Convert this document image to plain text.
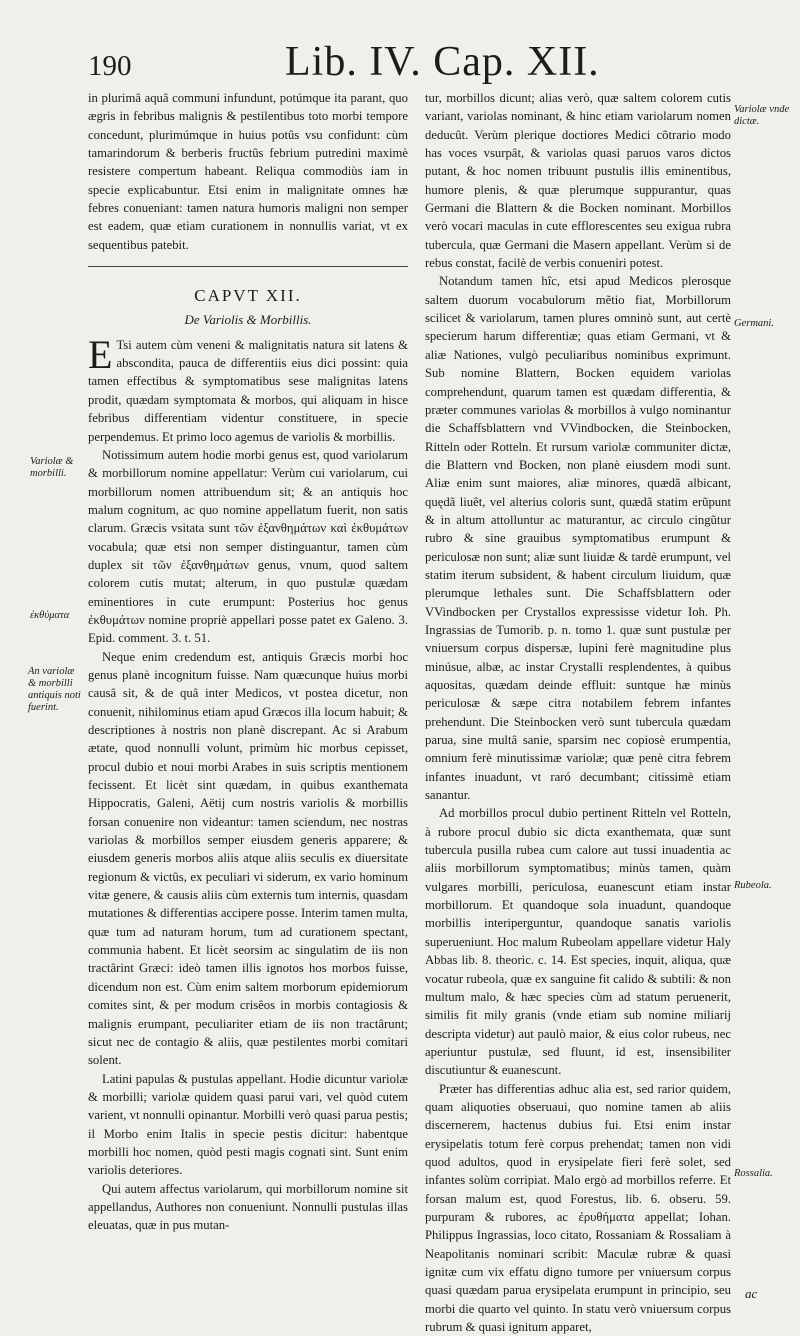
190	Lib. IV. Cap. XII.

in plurimâ aquâ communi infundunt, potúmque ita parant, quo ægris in febribus malignis & pestilentibus toto morbi tempore concedunt, plurimúmque in huius potûs vsu confidunt: cùm tamarindorum & berberis fructûs febrium putredini maximè resistere compertum habeant. Reliqua commodiùs iam in specie explicabuntur. Etsi enim in malignitate omnes hæ febres conueniant: tamen natura humoris maligni non semper est eadem, quæ etiam curationem in nonnullis variat, vt ex sequentibus patebit.

CAPVT XII.
De Variolis & Morbillis.

E Tsi autem cùm veneni & malignitatis natura sit latens & abscondita, pauca de differentiis eius dici possint: quia tamen effectibus & symptomatibus sese malignitas latens prodit, quædam symptomata & morbos, qui aliquam in hisce febribus differentiam videntur constituere, in specie perpendemus. Et primo loco agemus de variolis & morbillis.

Notissimum autem hodie morbi genus est, quod variolarum & morbillorum nomine appellatur: Verùm cui variolarum, cui morbillorum nomen attribuendum sit; & an antiquis hoc malum cognitum, ac quo nomine appellatum fuerit, non satis clarum. Græcis vsitata sunt τῶν ἐξανθημάτων καὶ ἐκθυμάτων vocabula; quæ etsi non semper distinguantur, tamen cùm duplex sit τῶν ἐξανθημάτων genus, vnum, quod saltem colorem cutis mutat; alterum, in quo pustulæ quædam eminentiores in cute erumpunt: Posterius hoc genus ἐκθυμάτων nomine propriè appellari posse patet ex Galeno. 3. Epid. comment. 3. t. 51.

Neque enim credendum est, antiquis Græcis morbi hoc genus planè incognitum fuisse. Nam quæcunque huius morbi causâ sit, & de quâ inter Medicos, vt postea dicetur, non conuenit, nihilominus etiam apud Græcos illa locum habuit; & descriptiones à nostris non planè discrepant. Ac si Arabum ætate, quod nonnulli volunt, primùm hic morbus cepisset, procul dubio et noui morbi Arabes in suis scriptis mentionem fecissent. Et licèt sint quædam, in quibus exanthemata Hippocratis, Galeni, Aëtij cum nostris variolis & morbillis forsan conuenire non videantur: tamen sciendum, nec nostras variolas & morbillos semper eiusdem generis apparere; & eiusdem generis morbos aliis atque aliis seculis ex diuersitate regionum & victûs, ex peculiari vi siderum, ex vario hominum vitæ genere, & causis aliis cùm externis tum internis, quasdam mutationes & differentias accipere posse. Interim tamen multa, quæ tum ad naturam horum, tum ad curationem spectant, communia habent. Et licèt seorsim ac singulatim de iis non tractârint Græci: ideò tamen illis ignotos hos morbos fuisse, dicendum non est. Cùm enim saltem morborum epidemiorum comites sint, & per modum crisêos in morbis contagiosis & malignis erumpant, peculiariter etiam de iis non tractârunt; sicut nec de contagio & aliis, quæ pestilentes morbi comitari solent.

Latini papulas & pustulas appellant. Hodie dicuntur variolæ & morbilli; variolæ quidem quasi parui vari, vel quòd cutem varient, vt nonnulli opinantur. Morbilli verò quasi parua pestis; il Morbo enim Italis in specie pestis dicitur: habentque morbilli hoc nomen, quòd pesti magis cognati sint. Sunt enim variolis deteriores.

Qui autem affectus variolarum, qui morbillorum nomine sit appellandus, Authores non conueniunt. Nonnulli pustulas illas eleuatas, quæ in pus mutan-

tur, morbillos dicunt; alias verò, quæ saltem colorem cutis variant, variolas nominant, & hinc etiam variolarum nomen deducût. Verùm plerique doctiores Medici cõtrario modo has voces vsurpât, & variolas quasi paruos varos dictos putant, & hoc nomen tribuunt pustulis illis eminentibus, humore plenis, & quæ plerumque suppurantur, quas Germani die Blattern & die Bocken nominant. Morbillos verò vocari maculas in cute efflorescentes seu exigua rubra tubercula, quæ Germani die Masern appellant. Verùm si de rebus constat, facilè de verbis conueniri potest.

Notandum tamen hîc, etsi apud Medicos plerosque saltem duorum vocabulorum mẽtio fiat, Morbillorum scilicet & variolarum, tamen plures omninò sunt, aut certè specierum harum differentiæ; quas etiam Germani, vt & aliæ Nationes, vulgò peculiaribus nominibus exprimunt. Sub nomine Blattern, Bocken equidem variolas comprehendunt, quarum tamen est quædam differentia, & præter communes variolas & morbillos à vulgo nominantur die Schaffsblattern vnd VVindbocken, die Steinbocken, Ritteln oder Rotteln. Et rursum variolæ communiter dictæ, die Blattern vnd Bocken, non planè eiusdem modi sunt. Aliæ enim sunt maiores, aliæ minores, quædã albicant, quędã liuêt, vel alterius coloris sunt, quædã statim erũpunt & in altum attolluntur ac maturantur, ac circulo cingũtur rubro & sine grauibus symptomatibus erumpunt & periculosæ non sunt; aliæ sunt liuidæ & tardè erumpunt, vel statim iterum subsident, & habent circulum liuidum, quæ plerumque lethales sunt. Die Schaffsblattern oder VVindbocken per Crystallos expressisse videtur Ioh. Ph. Ingrassias de Tumorib. p. n. tomo 1. quæ sunt pustulæ per vniuersum corpus dispersæ, lupini ferè magnitudine plus minúsue, albæ, ac instar Crystalli resplendentes, à quibus aquositas, quædam deinde effluit: suntque hæ minùs periculosæ & sæpe citra notabilem febrem infantes prehendunt. Die Steinbocken verò sunt tubercula quædam parua, sine multâ sanie, sparsim nec copiosè erumpentia, omnium ferè minutissimæ variolæ; quæ penè citra febrem infantes inuadunt, vt raró decumbant; citissimè etiam sanantur.

Ad morbillos procul dubio pertinent Ritteln vel Rotteln, à rubore procul dubio sic dicta exanthemata, quæ sunt tubercula pusilla rubea cum calore aut tussi inuadentia ac aliis morbillorum symptomatibus; minùs tamen, quàm vulgares morbilli, periculosa, euanescunt etiam instar morbillorum. Et quandoque sola inuadunt, quandoque morbillis interiperguntur, quandoque sanatis variolis superueniunt. Hoc malum Rubeolam appellare videtur Haly Abbas lib. 8. theoric. c. 14. Est species, inquit, aliqua, quæ vocatur rubeola, quæ ex sanguine fit calido & subtili: & non multum malo, & hæc species cùm ad statum peruenerit, similis fit mily granis (vnde etiam sub nomine miliarij descripta videtur) aut paulò maior, & eius color rubeus, nec aperiuntur pustulæ, sed fluunt, id est, insensibiliter discutiuntur & euanescunt.

Præter has differentias adhuc alia est, sed rarior quidem, quam aliquoties obseruaui, quo nomine tamen ab aliis discernerem, hactenus dubius fui. Etsi enim instar erysipelatis totum ferè corpus prehendat; tamen non vidi quod adultos, quod in erysipelate fieri ferè solet, sed infantes solùm corripiat. Malo ergò ad morbillos referre. Et forsan malum est, quod Forestus, lib. 6. obseru. 59. purpuram & rubores, ac ἐρυθήματα appellat; Iohan. Philippus Ingrassias, loco citato, Rossaniam & Rossaliam à Neapolitanis nominari scribit: Maculæ rubræ & quasi ignitæ cum vix effatu digno tumore per vniuersum corpus quasi quædam parua erysipelata erumpunt in principio, seu morbi die quarto vel quinto. In statu verò vniuersum corpus rubrum & quasi ignitum apparet,

Variolæ & morbilli.
ἐκθύματα
An variolæ & morbilli antiquis noti fuerint.
Variolæ vnde dictæ.
Germani.
Rubeola.
Rossalia.
ac
